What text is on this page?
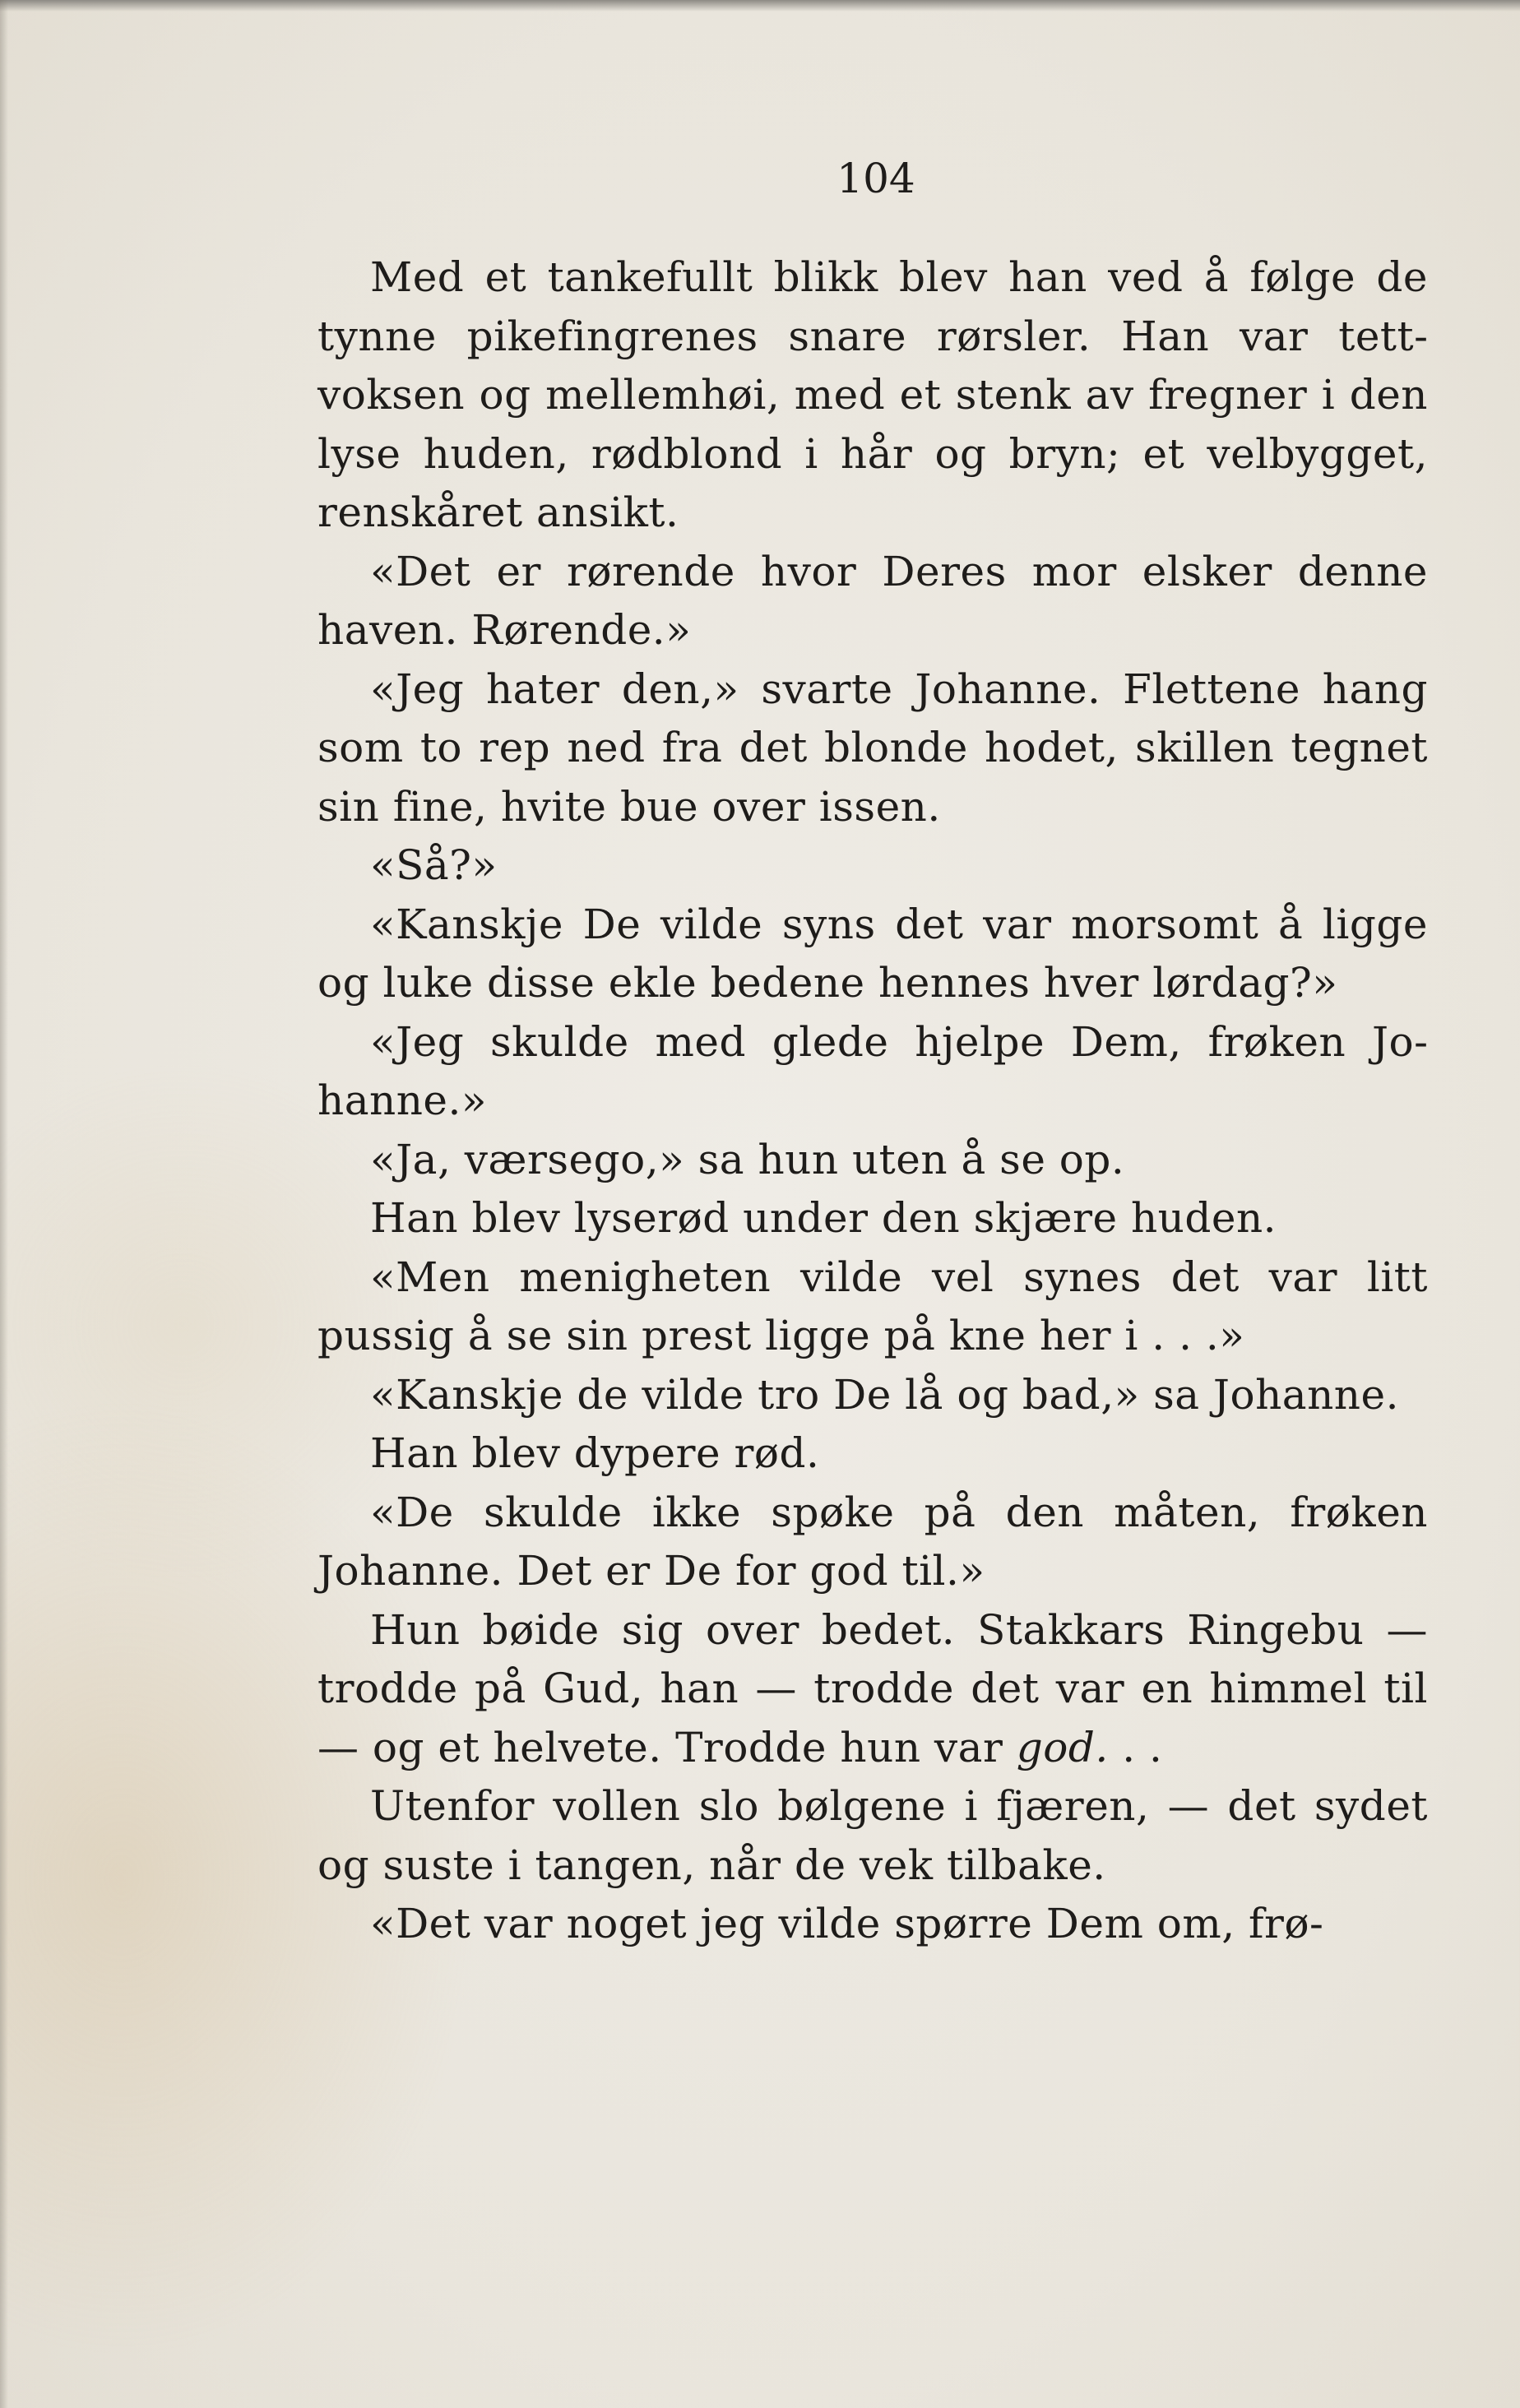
104

Med et tankefullt blikk blev han ved å følge de tynne pikefingrenes snare rørsler. Han var tettvoksen og mellemhøi, med et stenk av fregner i den lyse huden, rødblond i hår og bryn; et velbygget, renskåret ansikt.

«Det er rørende hvor Deres mor elsker denne haven. Rørende.»

«Jeg hater den,» svarte Johanne. Flettene hang som to rep ned fra det blonde hodet, skillen tegnet sin fine, hvite bue over issen.

«Så?»

«Kanskje De vilde syns det var morsomt å ligge og luke disse ekle bedene hennes hver lørdag?»

«Jeg skulde med glede hjelpe Dem, frøken Johanne.»

«Ja, værsego,» sa hun uten å se op.

Han blev lyserød under den skjære huden.

«Men menigheten vilde vel synes det var litt pussig å se sin prest ligge på kne her i . . .»

«Kanskje de vilde tro De lå og bad,» sa Johanne.

Han blev dypere rød.

«De skulde ikke spøke på den måten, frøken Johanne. Det er De for god til.»

Hun bøide sig over bedet. Stakkars Ringebu — trodde på Gud, han — trodde det var en himmel til — og et helvete. Trodde hun var god. . .

Utenfor vollen slo bølgene i fjæren, — det sydet og suste i tangen, når de vek tilbake.

«Det var noget jeg vilde spørre Dem om, frø-
